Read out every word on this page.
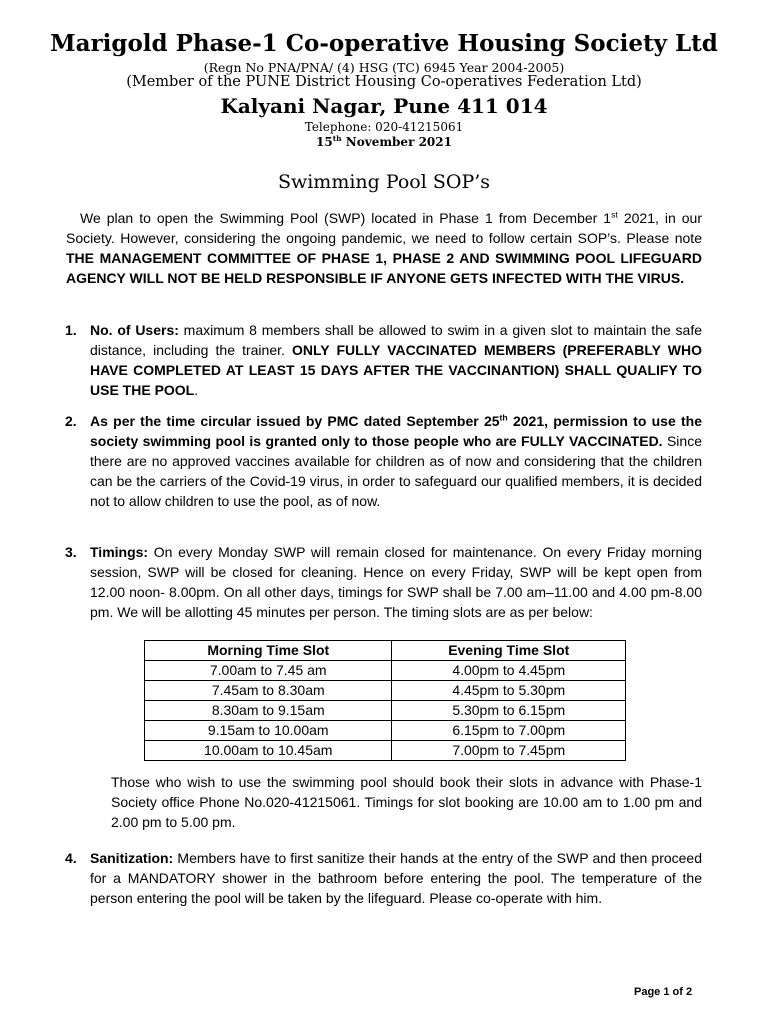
Marigold Phase-1 Co-operative Housing Society Ltd
(Regn No PNA/PNA/ (4) HSG (TC) 6945 Year 2004-2005)
(Member of the PUNE District Housing Co-operatives Federation Ltd)
Kalyani Nagar, Pune 411 014
Telephone: 020-41215061
15th November 2021
Swimming Pool SOP’s
We plan to open the Swimming Pool (SWP) located in Phase 1 from December 1st 2021, in our Society. However, considering the ongoing pandemic, we need to follow certain SOP’s. Please note THE MANAGEMENT COMMITTEE OF PHASE 1, PHASE 2 AND SWIMMING POOL LIFEGUARD AGENCY WILL NOT BE HELD RESPONSIBLE IF ANYONE GETS INFECTED WITH THE VIRUS.
1. No. of Users: maximum 8 members shall be allowed to swim in a given slot to maintain the safe distance, including the trainer. ONLY FULLY VACCINATED MEMBERS (PREFERABLY WHO HAVE COMPLETED AT LEAST 15 DAYS AFTER THE VACCINANTION) SHALL QUALIFY TO USE THE POOL.
2. As per the time circular issued by PMC dated September 25th 2021, permission to use the society swimming pool is granted only to those people who are FULLY VACCINATED. Since there are no approved vaccines available for children as of now and considering that the children can be the carriers of the Covid-19 virus, in order to safeguard our qualified members, it is decided not to allow children to use the pool, as of now.
3. Timings: On every Monday SWP will remain closed for maintenance. On every Friday morning session, SWP will be closed for cleaning. Hence on every Friday, SWP will be kept open from 12.00 noon- 8.00pm. On all other days, timings for SWP shall be 7.00 am–11.00 and 4.00 pm-8.00 pm. We will be allotting 45 minutes per person. The timing slots are as per below:
Morning Time Slot	Evening Time Slot
7.00am to 7.45 am	4.00pm to 4.45pm
7.45am to 8.30am	4.45pm to 5.30pm
8.30am to 9.15am	5.30pm to 6.15pm
9.15am to 10.00am	6.15pm to 7.00pm
10.00am to 10.45am	7.00pm to 7.45pm
Those who wish to use the swimming pool should book their slots in advance with Phase-1 Society office Phone No.020-41215061. Timings for slot booking are 10.00 am to 1.00 pm and 2.00 pm to 5.00 pm.
4. Sanitization: Members have to first sanitize their hands at the entry of the SWP and then proceed for a MANDATORY shower in the bathroom before entering the pool. The temperature of the person entering the pool will be taken by the lifeguard. Please co-operate with him.
Page 1 of 2
